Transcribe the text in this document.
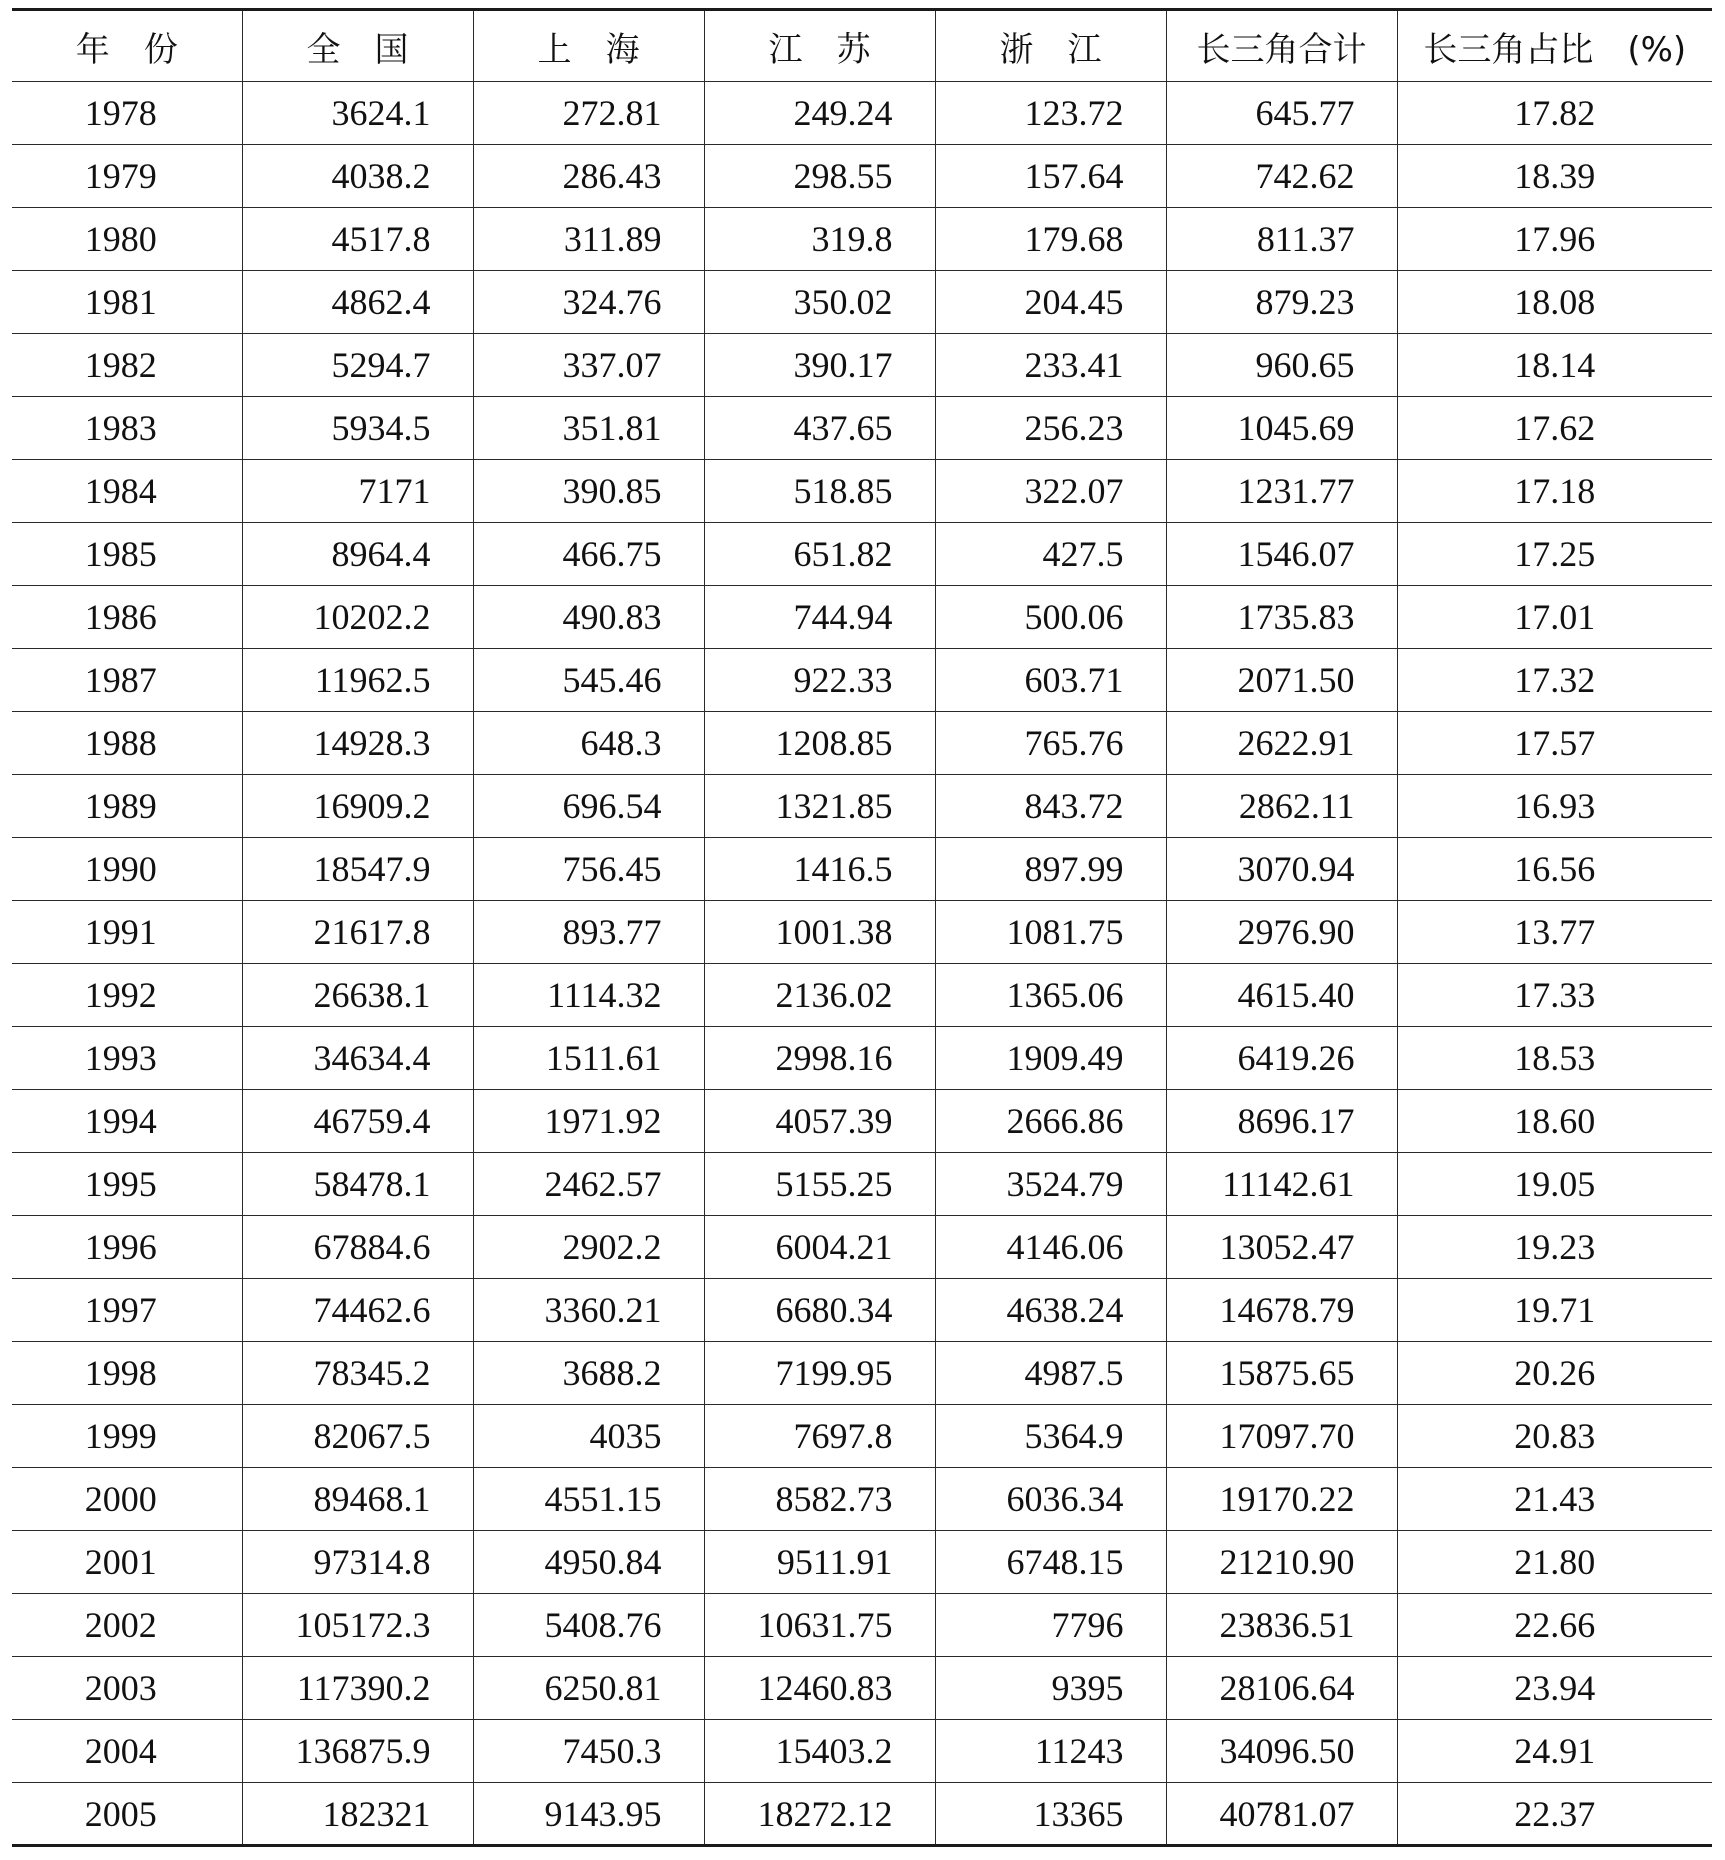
年　份	全　国	上　海	江　苏	浙　江	长三角合计	长三角占比　(%)
1978	3624.1	272.81	249.24	123.72	645.77	17.82
1979	4038.2	286.43	298.55	157.64	742.62	18.39
1980	4517.8	311.89	319.8	179.68	811.37	17.96
1981	4862.4	324.76	350.02	204.45	879.23	18.08
1982	5294.7	337.07	390.17	233.41	960.65	18.14
1983	5934.5	351.81	437.65	256.23	1045.69	17.62
1984	7171	390.85	518.85	322.07	1231.77	17.18
1985	8964.4	466.75	651.82	427.5	1546.07	17.25
1986	10202.2	490.83	744.94	500.06	1735.83	17.01
1987	11962.5	545.46	922.33	603.71	2071.50	17.32
1988	14928.3	648.3	1208.85	765.76	2622.91	17.57
1989	16909.2	696.54	1321.85	843.72	2862.11	16.93
1990	18547.9	756.45	1416.5	897.99	3070.94	16.56
1991	21617.8	893.77	1001.38	1081.75	2976.90	13.77
1992	26638.1	1114.32	2136.02	1365.06	4615.40	17.33
1993	34634.4	1511.61	2998.16	1909.49	6419.26	18.53
1994	46759.4	1971.92	4057.39	2666.86	8696.17	18.60
1995	58478.1	2462.57	5155.25	3524.79	11142.61	19.05
1996	67884.6	2902.2	6004.21	4146.06	13052.47	19.23
1997	74462.6	3360.21	6680.34	4638.24	14678.79	19.71
1998	78345.2	3688.2	7199.95	4987.5	15875.65	20.26
1999	82067.5	4035	7697.8	5364.9	17097.70	20.83
2000	89468.1	4551.15	8582.73	6036.34	19170.22	21.43
2001	97314.8	4950.84	9511.91	6748.15	21210.90	21.80
2002	105172.3	5408.76	10631.75	7796	23836.51	22.66
2003	117390.2	6250.81	12460.83	9395	28106.64	23.94
2004	136875.9	7450.3	15403.2	11243	34096.50	24.91
2005	182321	9143.95	18272.12	13365	40781.07	22.37
